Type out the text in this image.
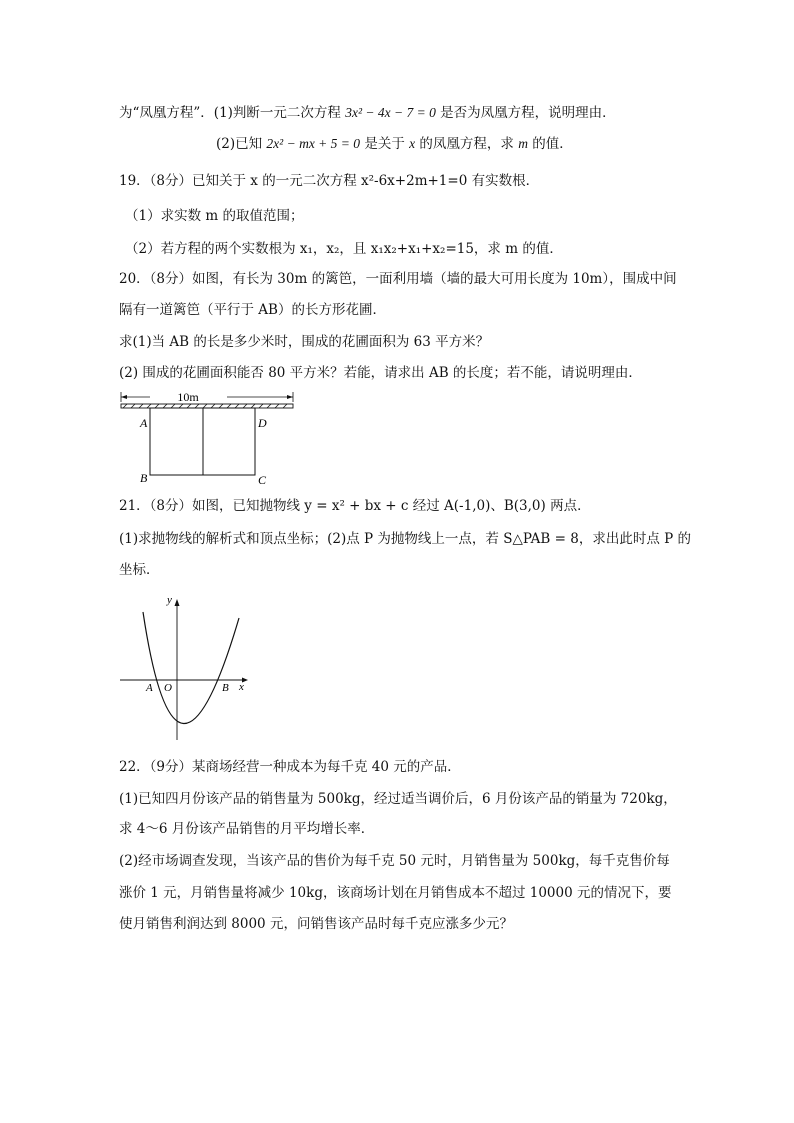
为“凤凰方程”．(1)判断一元二次方程 3x² − 4x − 7 = 0 是否为凤凰方程，说明理由．
(2)已知 2x² − mx + 5 = 0 是关于 x 的凤凰方程，求 m 的值．
19．（8分）已知关于 x 的一元二次方程 x²-6x+2m+1=0 有实数根．
（1）求实数 m 的取值范围；
（2）若方程的两个实数根为 x₁，x₂，且 x₁x₂+x₁+x₂=15，求 m 的值．
20．（8分）如图，有长为 30m 的篱笆，一面利用墙（墙的最大可用长度为 10m），围成中间
隔有一道篱笆（平行于 AB）的长方形花圃．
求(1)当 AB 的长是多少米时，围成的花圃面积为 63 平方米？
(2) 围成的花圃面积能否 80 平方米？若能，请求出 AB 的长度；若不能，请说明理由．
10m
A	D
B	C
21．（8分）如图，已知抛物线 y = x² + bx + c 经过 A(-1,0)、B(3,0) 两点．
(1)求抛物线的解析式和顶点坐标；(2)点 P 为抛物线上一点，若 S△PAB = 8，求出此时点 P 的
坐标．
y
x
A O	B
22．（9分）某商场经营一种成本为每千克 40 元的产品．
(1)已知四月份该产品的销售量为 500kg，经过适当调价后，6 月份该产品的销量为 720kg，
求 4～6 月份该产品销售的月平均增长率．
(2)经市场调查发现，当该产品的售价为每千克 50 元时，月销售量为 500kg，每千克售价每
涨价 1 元，月销售量将减少 10kg，该商场计划在月销售成本不超过 10000 元的情况下，要
使月销售利润达到 8000 元，问销售该产品时每千克应涨多少元？
